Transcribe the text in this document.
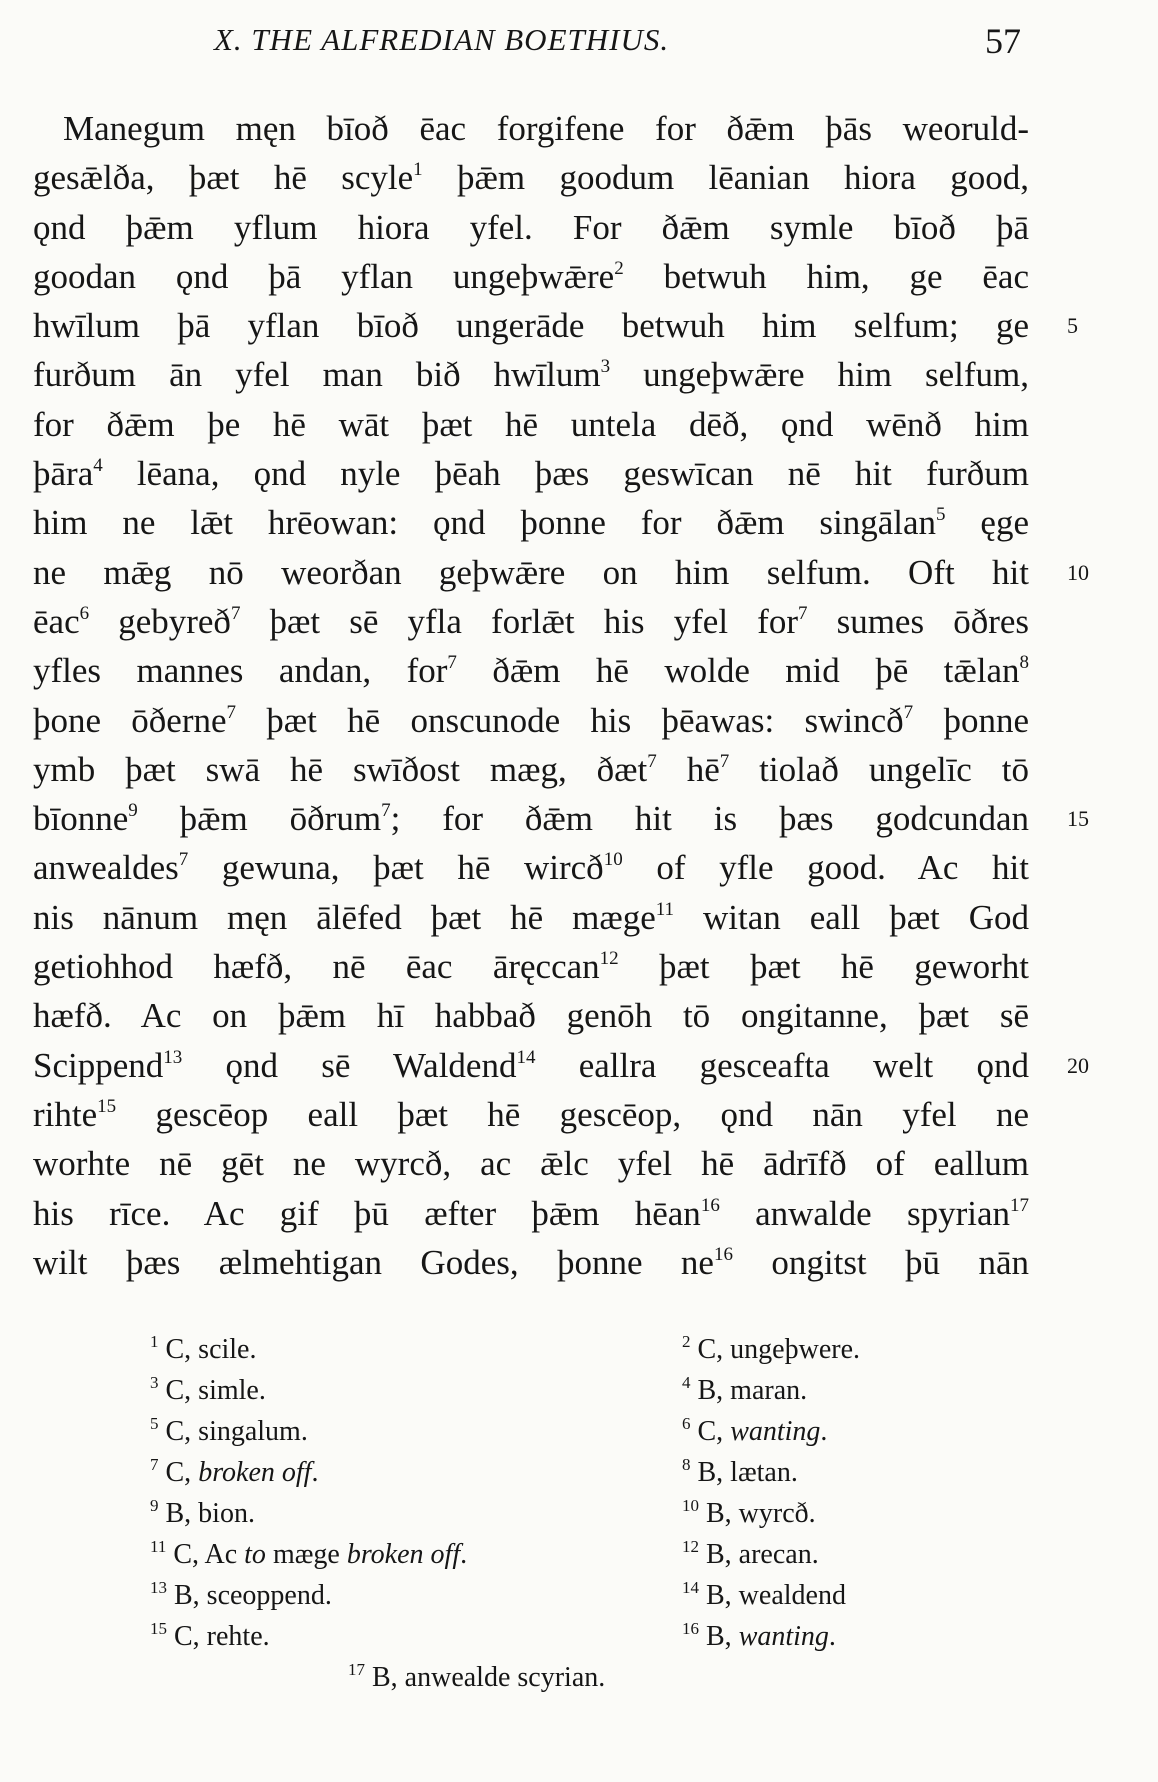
X. THE ALFREDIAN BOETHIUS.	57
Manegum męn bīoð ēac forgifene for ðǣm þās weoruld-
gesǣlða, þæt hē scyle$^1$ þǣm goodum lēanian hiora good,
ǫnd þǣm yflum hiora yfel. For ðǣm symle bīoð þā
goodan ǫnd þā yflan ungeþwǣre$^2$ betwuh him, ge ēac
hwīlum þā yflan bīoð ungerāde betwuh him selfum; ge 5
furðum ān yfel man bið hwīlum$^3$ ungeþwǣre him selfum,
for ðǣm þe hē wāt þæt hē untela dēð, ǫnd wēnð him
þāra$^4$ lēana, ǫnd nyle þēah þæs geswīcan nē hit furðum
him ne lǣt hrēowan: ǫnd þonne for ðǣm singālan$^5$ ęge
ne mǣg nō weorðan geþwǣre on him selfum. Oft hit 10
ēac$^6$ gebyreð$^7$ þæt sē yfla forlǣt his yfel for$^7$ sumes ōðres
yfles mannes andan, for$^7$ ðǣm hē wolde mid þē tǣlan$^8$
þone ōðerne$^7$ þæt hē onscunode his þēawas: swincð$^7$ þonne
ymb þæt swā hē swīðost mæg, ðæt$^7$ $hē^7$ tiolað ungelīc tō
bīonne$^9$ þǣm ōðrum$^7$; for ðǣm hit is þæs godcundan 15
anwealdes$^7$ gewuna, þæt hē wircð$^{10}$ of yfle good. Ac hit
nis nānum męn ālēfed þæt hē mæge$^{11}$ witan eall þæt God
getiohhod hæfð, nē ēac āręccan$^{12}$ þæt þæt hē geworht
hæfð. Ac on þǣm hī habbað genōh tō ongitanne, þæt sē
Scippend$^{13}$ ǫnd sē Waldend$^{14}$ eallra gesceafta welt ǫnd 20
rihte$^{15}$ gescēop eall þæt hē gescēop, ǫnd nān yfel ne
worhte nē gēt ne wyrcð, ac ǣlc yfel hē ādrīfð of eallum
his rīce. Ac gif þū æfter þǣm hēan$^{16}$ anwalde spyrian$^{17}$
wilt þæs ælmehtigan Godes, þonne $ne^{16}$ ongitst þū nān
$^1$ C, scile.	$^2$ C, ungeþwere.
$^3$ C, simle.	$^4$ B, maran.
$^5$ C, singalum.	$^6$ C, wanting.
$^7$ C, broken off.	$^8$ B, lætan.
$^9$ B, bion.	$^{10}$ B, wyrcð.
$^{11}$ C, Ac to mæge broken off.	$^{12}$ B, arecan.
$^{13}$ B, sceoppend.	$^{14}$ B, wealdend
$^{15}$ C, rehte.	$^{16}$ B, wanting.
$^{17}$ B, anwealde scyrian.
